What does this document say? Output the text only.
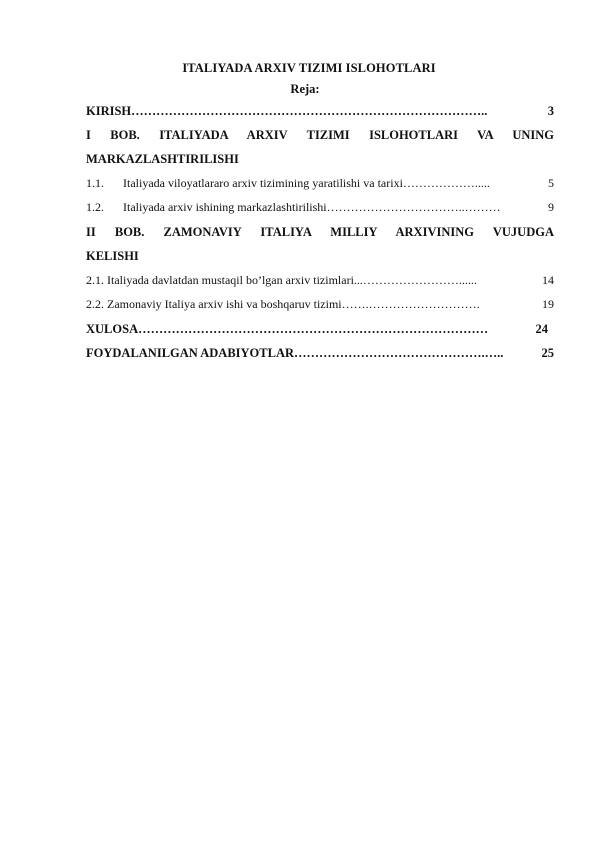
ITALIYADA ARXIV TIZIMI ISLOHOTLARI
Reja:
KIRISH…………………………………………………………………………..	3
I BOB. ITALIYADA ARXIV TIZIMI ISLOHOTLARI VA UNING
MARKAZLASHTIRILISHI
1.1. Italiyada viloyatlararo arxiv tizimining yaratilishi va tarixi……………….....	5
1.2. Italiyada arxiv ishining markazlashtirilishi……………………………..………	9
II BOB. ZAMONAVIY ITALIYA MILLIY ARXIVINING VUJUDGA
KELISHI
2.1. Italiyada davlatdan mustaqil bo’lgan arxiv tizimlari...……………………......	14
2.2. Zamonaviy Italiya arxiv ishi va boshqaruv tizimi…….……………………….	19
XULOSA…………………………………………………………………………	24
FOYDALANILGAN ADABIYOTLAR……………………………………….…..	25
